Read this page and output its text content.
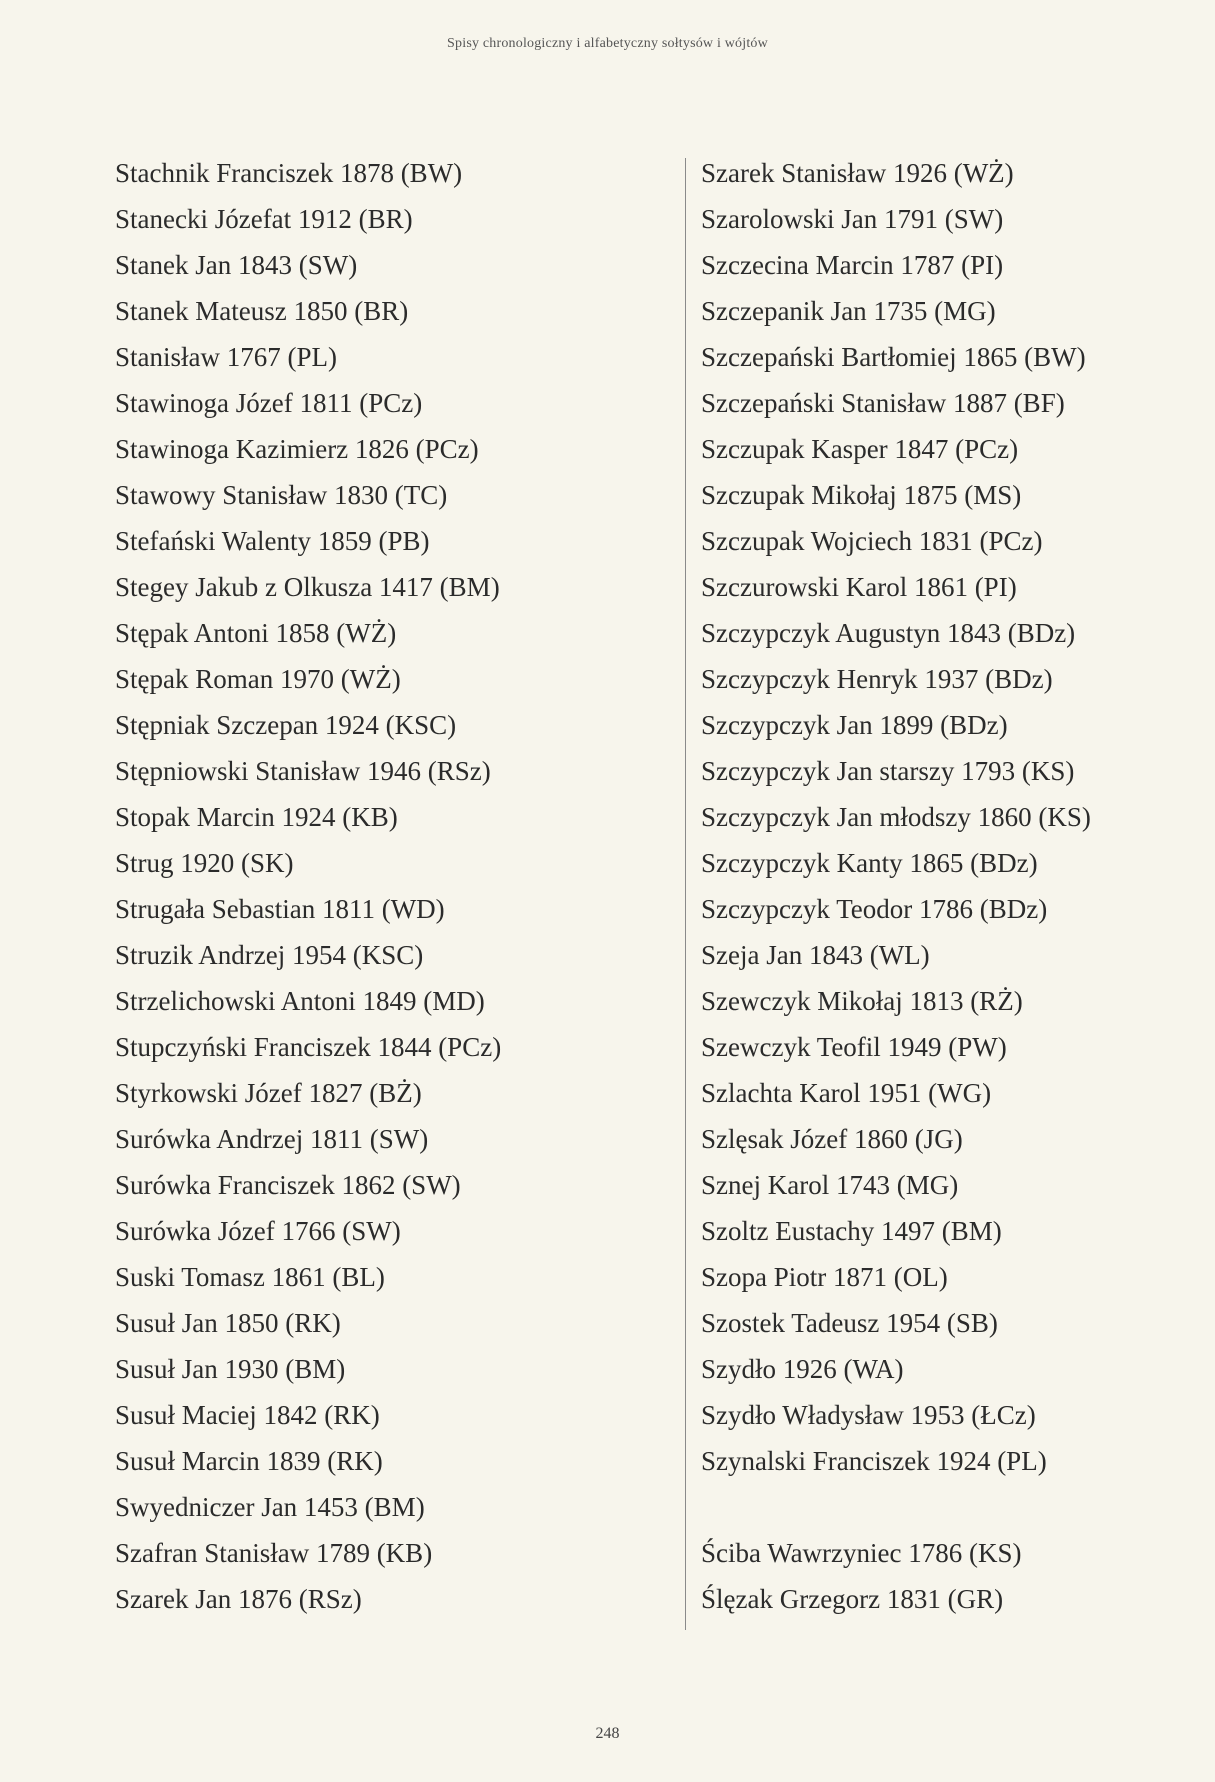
Spisy chronologiczny i alfabetyczny sołtysów i wójtów
Stachnik Franciszek 1878 (BW)
Stanecki Józefat 1912 (BR)
Stanek Jan 1843 (SW)
Stanek Mateusz 1850 (BR)
Stanisław 1767 (PL)
Stawinoga Józef 1811 (PCz)
Stawinoga Kazimierz 1826 (PCz)
Stawowy Stanisław 1830 (TC)
Stefański Walenty 1859 (PB)
Stegey Jakub z Olkusza 1417 (BM)
Stępak Antoni 1858 (WŻ)
Stępak Roman 1970 (WŻ)
Stępniak Szczepan 1924 (KSC)
Stępniowski Stanisław 1946 (RSz)
Stopak Marcin 1924 (KB)
Strug 1920 (SK)
Strugała Sebastian 1811 (WD)
Struzik Andrzej 1954 (KSC)
Strzelichowski Antoni 1849 (MD)
Stupczyński Franciszek 1844 (PCz)
Styrkowski Józef 1827 (BŻ)
Surówka Andrzej 1811 (SW)
Surówka Franciszek 1862 (SW)
Surówka Józef 1766 (SW)
Suski Tomasz 1861 (BL)
Susuł Jan 1850 (RK)
Susuł Jan 1930 (BM)
Susuł Maciej 1842 (RK)
Susuł Marcin 1839 (RK)
Swyedniczer Jan 1453 (BM)
Szafran Stanisław 1789 (KB)
Szarek Jan 1876 (RSz)
Szarek Stanisław 1926 (WŻ)
Szarolowski Jan 1791 (SW)
Szczecina Marcin 1787 (PI)
Szczepanik Jan 1735 (MG)
Szczepański Bartłomiej 1865 (BW)
Szczepański Stanisław 1887 (BF)
Szczupak Kasper 1847 (PCz)
Szczupak Mikołaj 1875 (MS)
Szczupak Wojciech 1831 (PCz)
Szczurowski Karol 1861 (PI)
Szczypczyk Augustyn 1843 (BDz)
Szczypczyk Henryk 1937 (BDz)
Szczypczyk Jan 1899 (BDz)
Szczypczyk Jan starszy 1793 (KS)
Szczypczyk Jan młodszy 1860 (KS)
Szczypczyk Kanty 1865 (BDz)
Szczypczyk Teodor 1786 (BDz)
Szeja Jan 1843 (WL)
Szewczyk Mikołaj 1813 (RŻ)
Szewczyk Teofil 1949 (PW)
Szlachta Karol 1951 (WG)
Szlęsak Józef 1860 (JG)
Sznej Karol 1743 (MG)
Szoltz Eustachy 1497 (BM)
Szopa Piotr 1871 (OL)
Szostek Tadeusz 1954 (SB)
Szydło 1926 (WA)
Szydło Władysław 1953 (ŁCz)
Szynalski Franciszek 1924 (PL)
Ściba Wawrzyniec 1786 (KS)
Ślęzak Grzegorz 1831 (GR)
248
